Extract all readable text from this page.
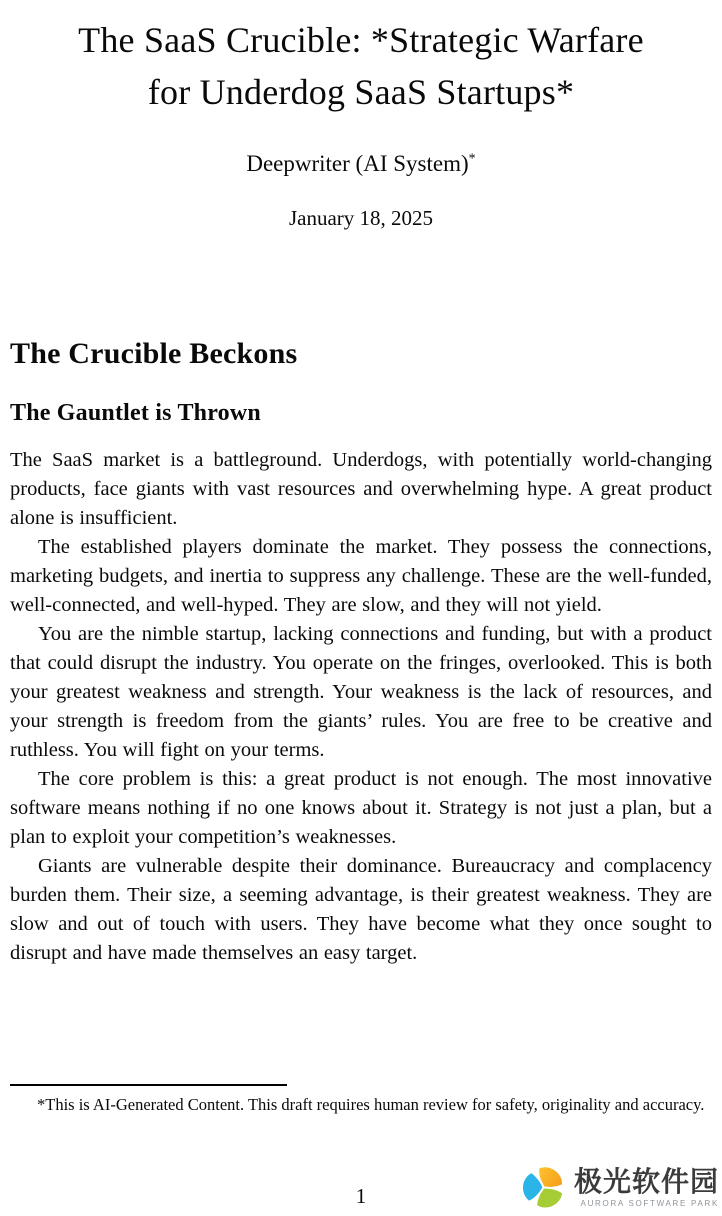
The SaaS Crucible: *Strategic Warfare
for Underdog SaaS Startups*
Deepwriter (AI System)*
January 18, 2025
The Crucible Beckons
The Gauntlet is Thrown

The SaaS market is a battleground. Underdogs, with potentially world-changing products, face giants with vast resources and overwhelming hype. A great product alone is insufficient.

The established players dominate the market. They possess the connections, marketing budgets, and inertia to suppress any challenge. These are the well-funded, well-connected, and well-hyped. They are slow, and they will not yield.

You are the nimble startup, lacking connections and funding, but with a product that could disrupt the industry. You operate on the fringes, overlooked. This is both your greatest weakness and strength. Your weakness is the lack of resources, and your strength is freedom from the giants’ rules. You are free to be creative and ruthless. You will fight on your terms.

The core problem is this: a great product is not enough. The most innovative software means nothing if no one knows about it. Strategy is not just a plan, but a plan to exploit your competition’s weaknesses.

Giants are vulnerable despite their dominance. Bureaucracy and complacency burden them. Their size, a seeming advantage, is their greatest weakness. They are slow and out of touch with users. They have become what they once sought to disrupt and have made themselves an easy target.

*This is AI-Generated Content. This draft requires human review for safety, originality and accuracy.

1	极光软件园
AURORA SOFTWARE PARK
